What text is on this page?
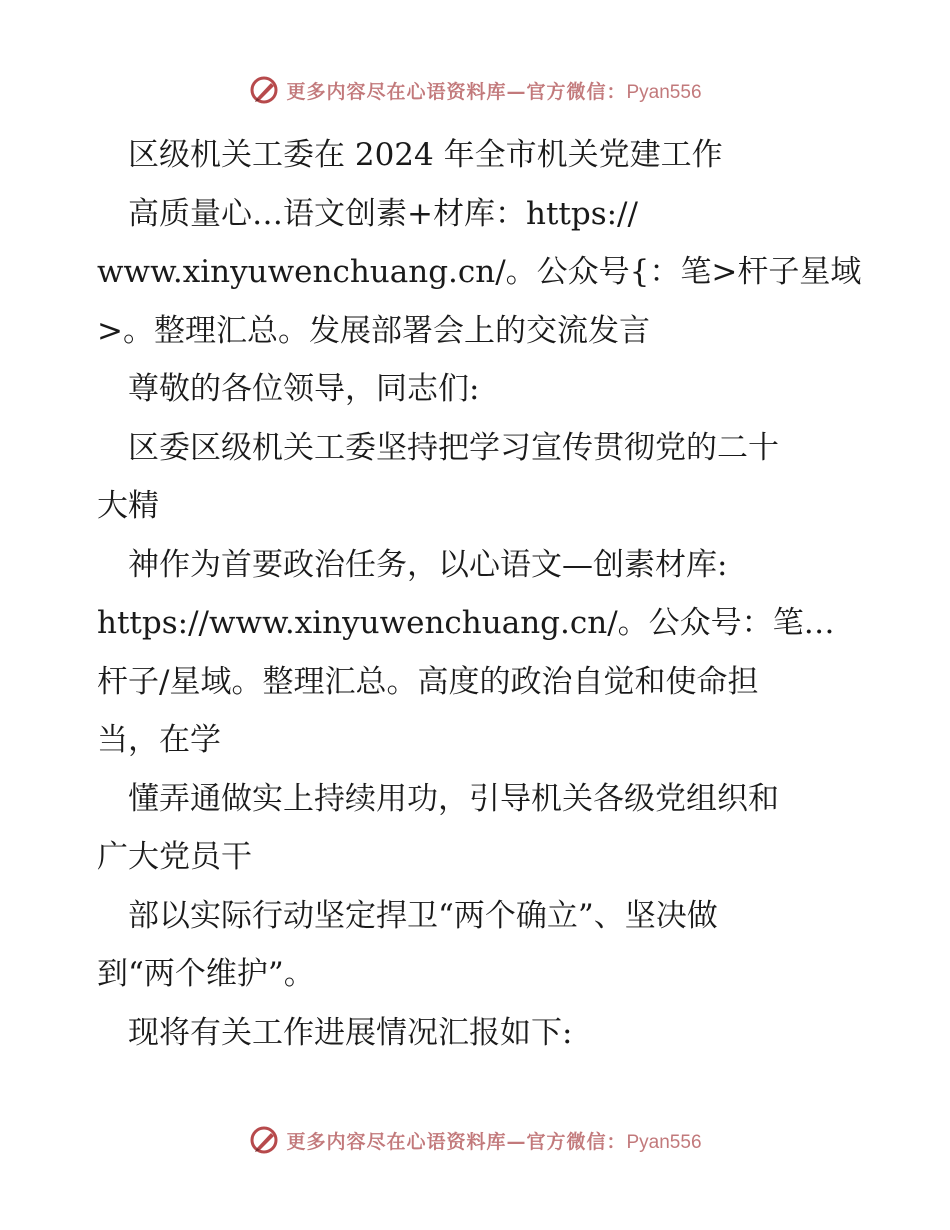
更多内容尽在心语资料库—官方微信：Pyan556

　区级机关工委在 2024 年全市机关党建工作

　高质量心…语文创素+材库：https://

www.xinyuwenchuang.cn/。公众号{：笔>杆子星域

>。整理汇总。发展部署会上的交流发言

　尊敬的各位领导，同志们:

　区委区级机关工委坚持把学习宣传贯彻党的二十

大精

　神作为首要政治任务，以心语文—创素材库:

https://www.xinyuwenchuang.cn/。公众号：笔…

杆子/星域。整理汇总。高度的政治自觉和使命担

当，在学

　懂弄通做实上持续用功，引导机关各级党组织和

广大党员干

　部以实际行动坚定捍卫“两个确立”、坚决做

到“两个维护”。

　现将有关工作进展情况汇报如下:

更多内容尽在心语资料库—官方微信：Pyan556
